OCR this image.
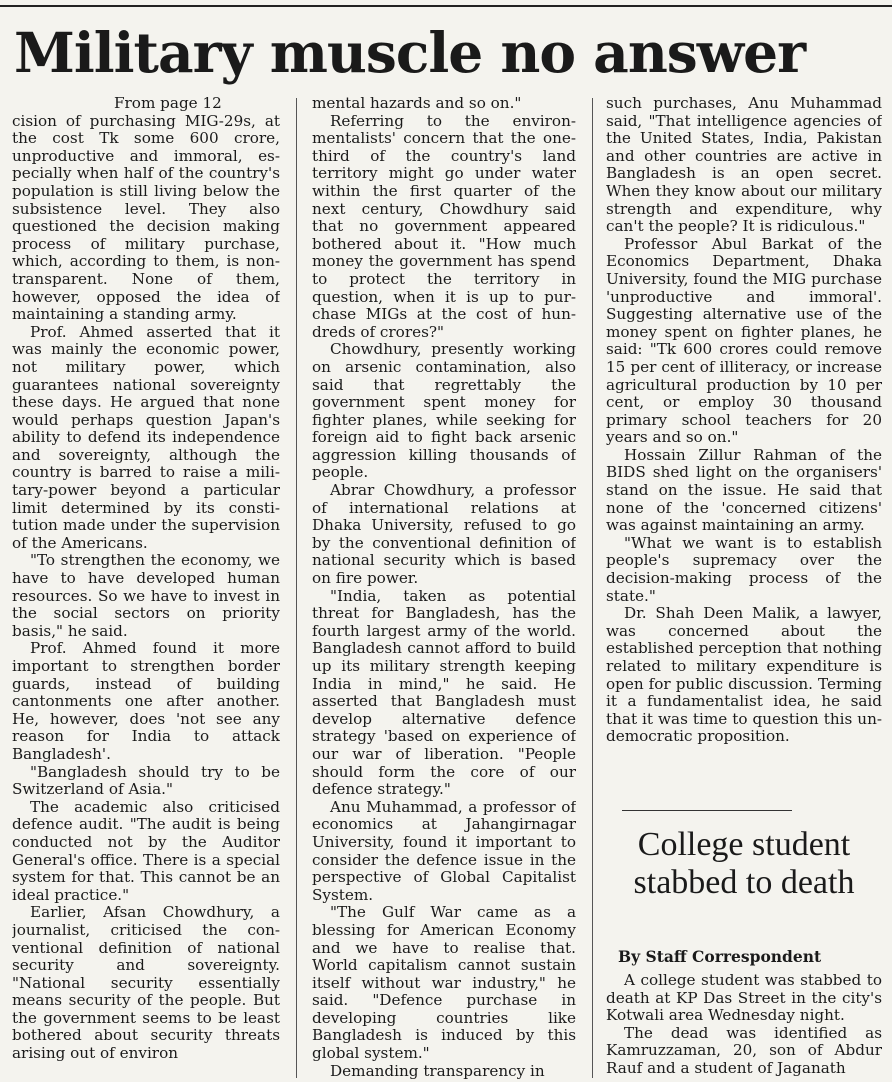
Military muscle no answer

From page 12

cision of purchasing MIG-29s, at the cost Tk some 600 crore, unproductive and immoral, especially when half of the country's population is still living below the subsistence level. They also questioned the decision making process of military purchase, which, according to them, is non-transparent. None of them, however, opposed the idea of maintaining a standing army.

Prof. Ahmed asserted that it was mainly the economic power, not military power, which guarantees national sovereignty these days. He argued that none would perhaps question Japan's ability to defend its independence and sovereignty, although the country is barred to raise a military-power beyond a particular limit determined by its constitution made under the supervision of the Americans.

"To strengthen the economy, we have to have developed human resources. So we have to invest in the social sectors on priority basis," he said.

Prof. Ahmed found it more important to strengthen border guards, instead of building cantonments one after another. He, however, does 'not see any reason for India to attack Bangladesh'.

"Bangladesh should try to be Switzerland of Asia."

The academic also criticised defence audit. "The audit is being conducted not by the Auditor General's office. There is a special system for that. This cannot be an ideal practice."

Earlier, Afsan Chowdhury, a journalist, criticised the conventional definition of national security and sovereignty. "National security essentially means security of the people. But the government seems to be least bothered about security threats arising out of environ

mental hazards and so on."

Referring to the environmentalists' concern that the one-third of the country's land territory might go under water within the first quarter of the next century, Chowdhury said that no government appeared bothered about it. "How much money the government has spend to protect the territory in question, when it is up to purchase MIGs at the cost of hundreds of crores?"

Chowdhury, presently working on arsenic contamination, also said that regrettably the government spent money for fighter planes, while seeking for foreign aid to fight back arsenic aggression killing thousands of people.

Abrar Chowdhury, a professor of international relations at Dhaka University, refused to go by the conventional definition of national security which is based on fire power.

"India, taken as potential threat for Bangladesh, has the fourth largest army of the world. Bangladesh cannot afford to build up its military strength keeping India in mind," he said. He asserted that Bangladesh must develop alternative defence strategy 'based on experience of our war of liberation. "People should form the core of our defence strategy."

Anu Muhammad, a professor of economics at Jahangirnagar University, found it important to consider the defence issue in the perspective of Global Capitalist System.

"The Gulf War came as a blessing for American Economy and we have to realise that. World capitalism cannot sustain itself without war industry," he said. "Defence purchase in developing countries like Bangladesh is induced by this global system."

Demanding transparency in

such purchases, Anu Muhammad said, "That intelligence agencies of the United States, India, Pakistan and other countries are active in Bangladesh is an open secret. When they know about our military strength and expenditure, why can't the people? It is ridiculous."

Professor Abul Barkat of the Economics Department, Dhaka University, found the MIG purchase 'unproductive and immoral'. Suggesting alternative use of the money spent on fighter planes, he said: "Tk 600 crores could remove 15 per cent of illiteracy, or increase agricultural production by 10 per cent, or employ 30 thousand primary school teachers for 20 years and so on."

Hossain Zillur Rahman of the BIDS shed light on the organisers' stand on the issue. He said that none of the 'concerned citizens' was against maintaining an army.

"What we want is to establish people's supremacy over the decision-making process of the state."

Dr. Shah Deen Malik, a lawyer, was concerned about the established perception that nothing related to military expenditure is open for public discussion. Terming it a fundamentalist idea, he said that it was time to question this undemocratic proposition.

College student stabbed to death

By Staff Correspondent

A college student was stabbed to death at KP Das Street in the city's Kotwali area Wednesday night.

The dead was identified as Kamruzzaman, 20, son of Abdur Rauf and a student of Jaganath
